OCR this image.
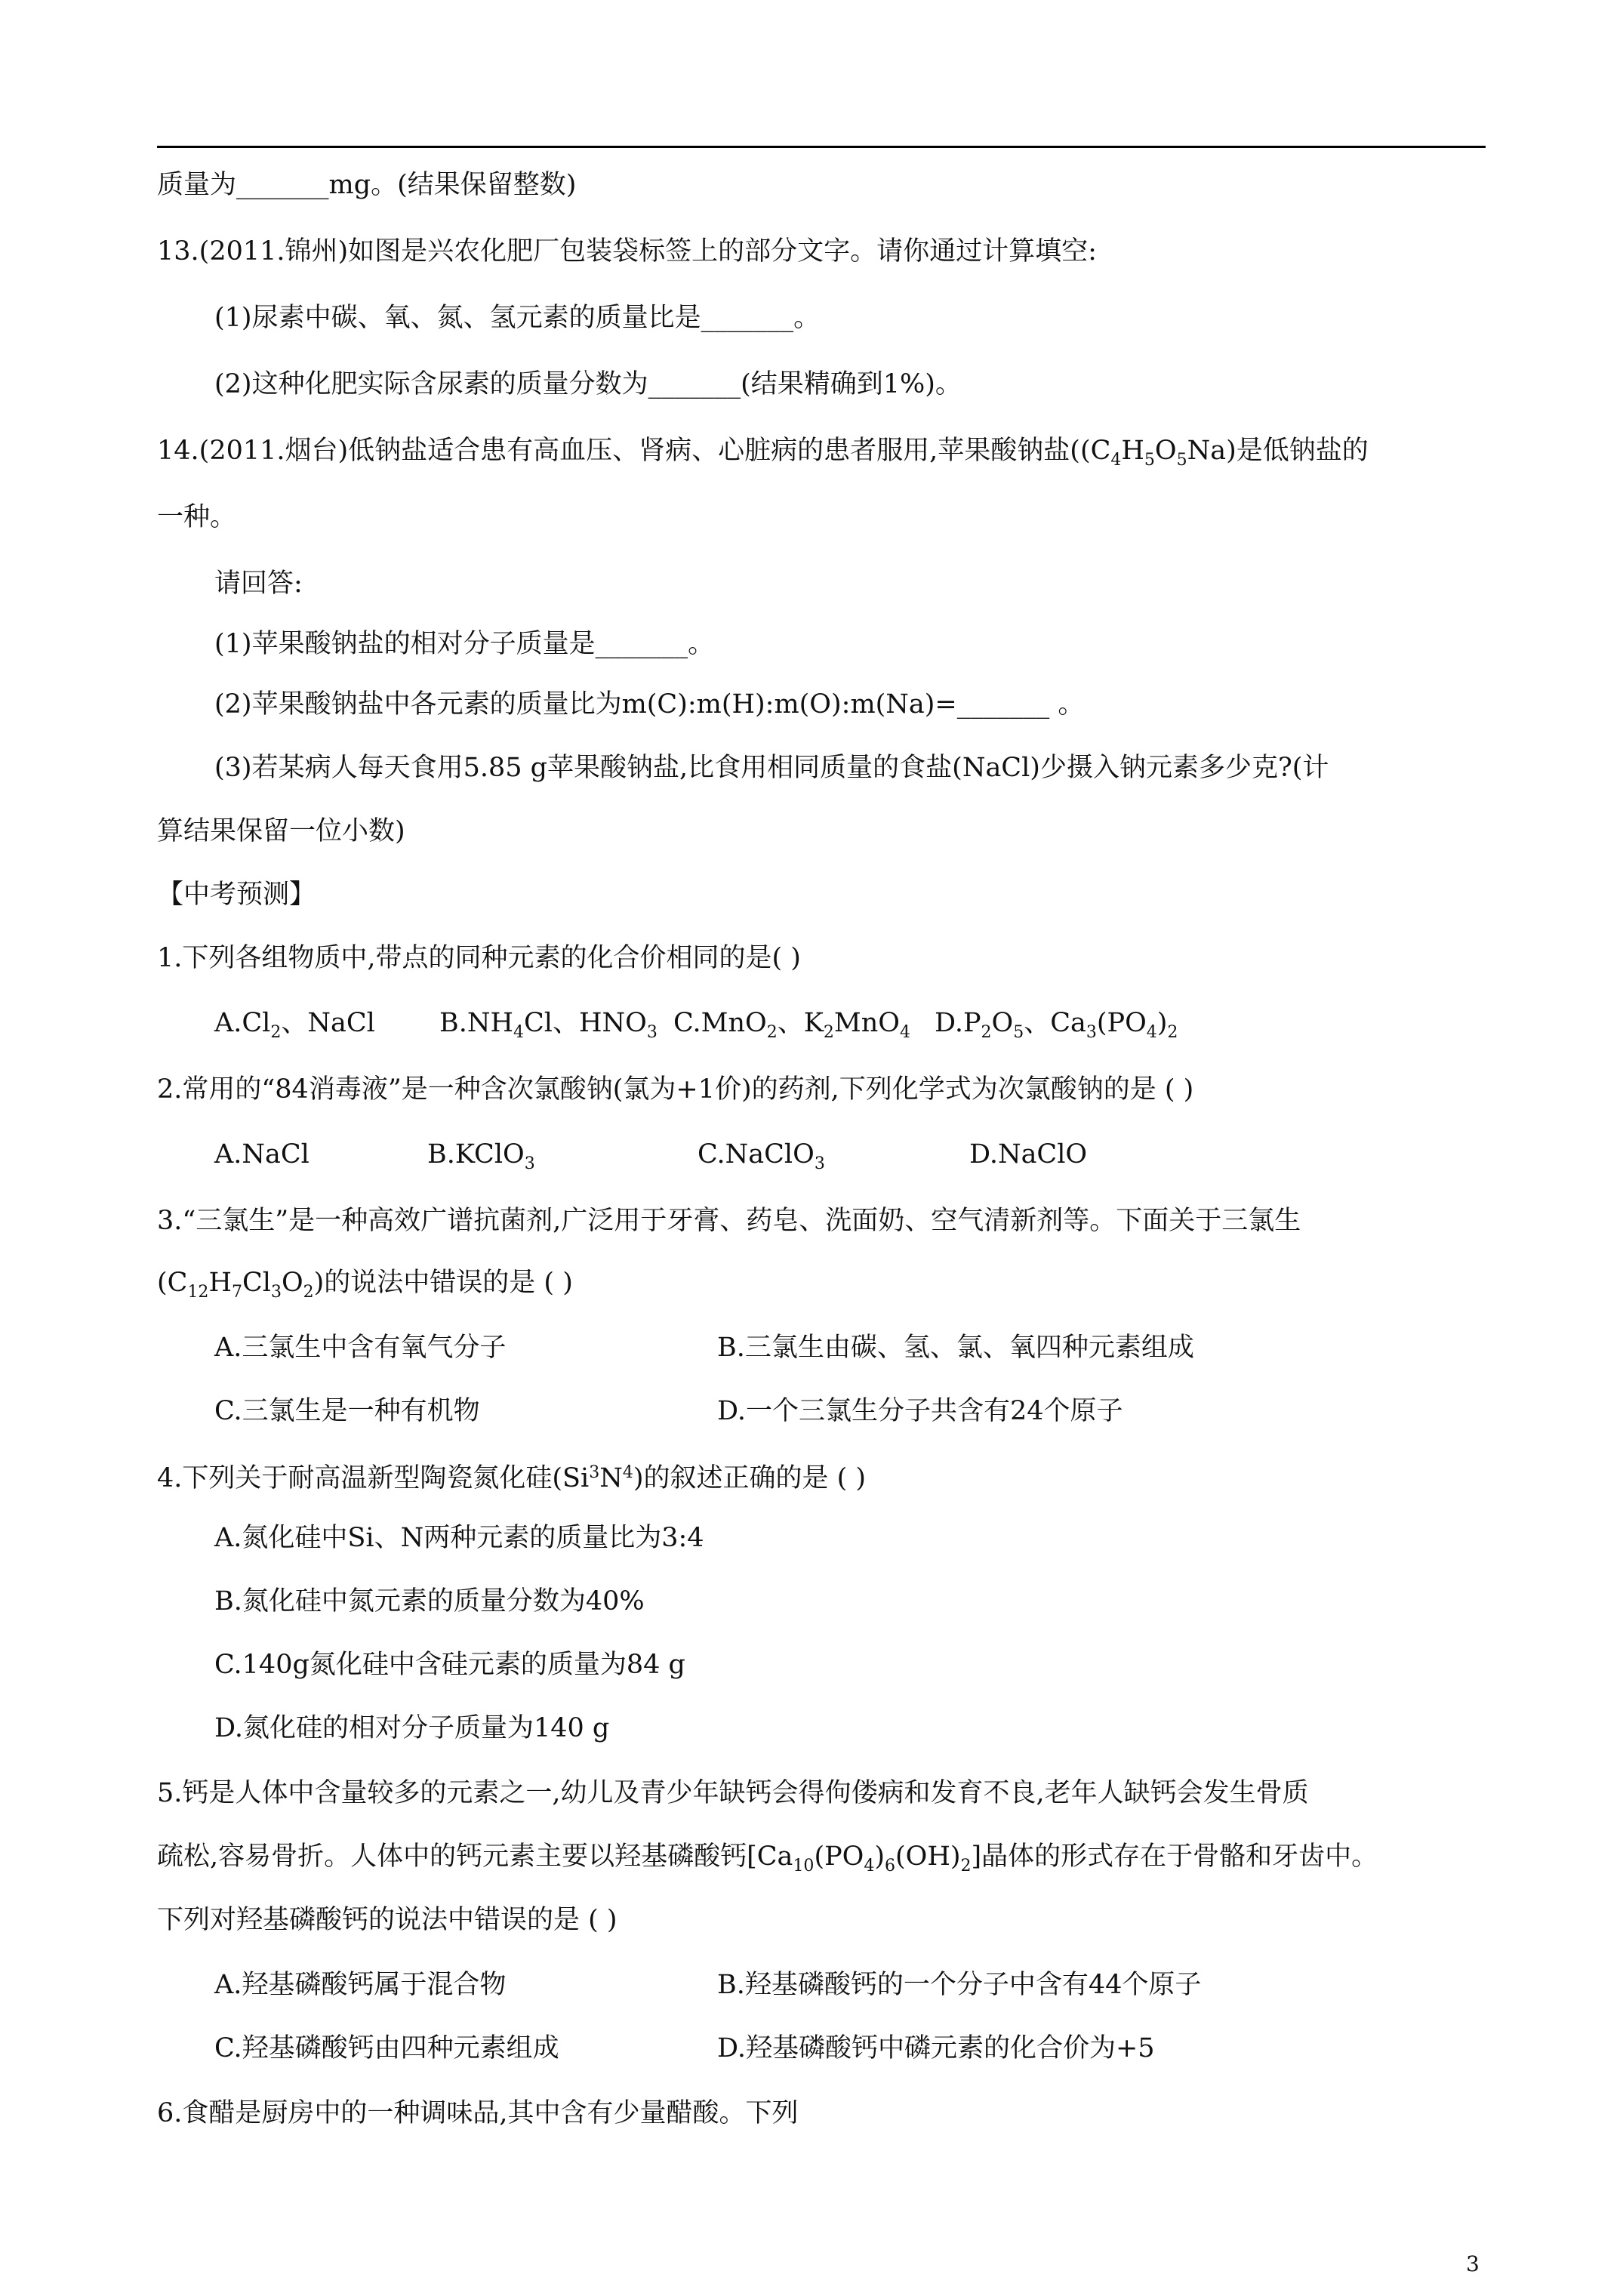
质量为_______mg。(结果保留整数)
13.(2011.锦州)如图是兴农化肥厂包装袋标签上的部分文字。请你通过计算填空:
(1)尿素中碳、氧、氮、氢元素的质量比是_______。
(2)这种化肥实际含尿素的质量分数为_______(结果精确到1%)。
14.(2011.烟台)低钠盐适合患有高血压、肾病、心脏病的患者服用,苹果酸钠盐($(C_4H_5O_5Na)$是低钠盐的
一种。
请回答:
(1)苹果酸钠盐的相对分子质量是_______。
(2)苹果酸钠盐中各元素的质量比为m(C):m(H):m(O):m(Na)=_______ 。
(3)若某病人每天食用5.85 g苹果酸钠盐,比食用相同质量的食盐(NaCl)少摄入钠元素多少克?(计
算结果保留一位小数)
【中考预测】
1.下列各组物质中,带点的同种元素的化合价相同的是( )
$A.Cl_2$、NaCl $B.NH_4Cl$、$HNO_3$ C.MnO$_2$、$K_2MnO_4$ $D.P_2O_5$、$Ca_3(PO_4)_2$
2.常用的“84消毒液”是一种含次氯酸钠(氯为+1价)的药剂,下列化学式为次氯酸钠的是 ( )
A.NaCl	B.KClO$_3$	C.NaClO$_3$	D.NaClO
3.“三氯生”是一种高效广谱抗菌剂,广泛用于牙膏、药皂、洗面奶、空气清新剂等。下面关于三氯生
$(C_{12}H_7Cl_3O_2)$的说法中错误的是 ( )
A.三氯生中含有氧气分子	B.三氯生由碳、氢、氯、氧四种元素组成
C.三氯生是一种有机物	D.一个三氯生分子共含有24个原子
4.下列关于耐高温新型陶瓷氮化硅$(Si^3N^4)$的叙述正确的是 ( )
A.氮化硅中Si、N两种元素的质量比为3:4
B.氮化硅中氮元素的质量分数为40%
C.140g氮化硅中含硅元素的质量为84 g
D.氮化硅的相对分子质量为140 g
5.钙是人体中含量较多的元素之一,幼儿及青少年缺钙会得佝偻病和发育不良,老年人缺钙会发生骨质
疏松,容易骨折。人体中的钙元素主要以羟基磷酸钙$[Ca_{10}(PO_4)_6(OH)_2]$晶体的形式存在于骨骼和牙齿中。
下列对羟基磷酸钙的说法中错误的是 ( )
A.羟基磷酸钙属于混合物	B.羟基磷酸钙的一个分子中含有44个原子
C.羟基磷酸钙由四种元素组成	D.羟基磷酸钙中磷元素的化合价为+5
6.食醋是厨房中的一种调味品,其中含有少量醋酸。下列
3
